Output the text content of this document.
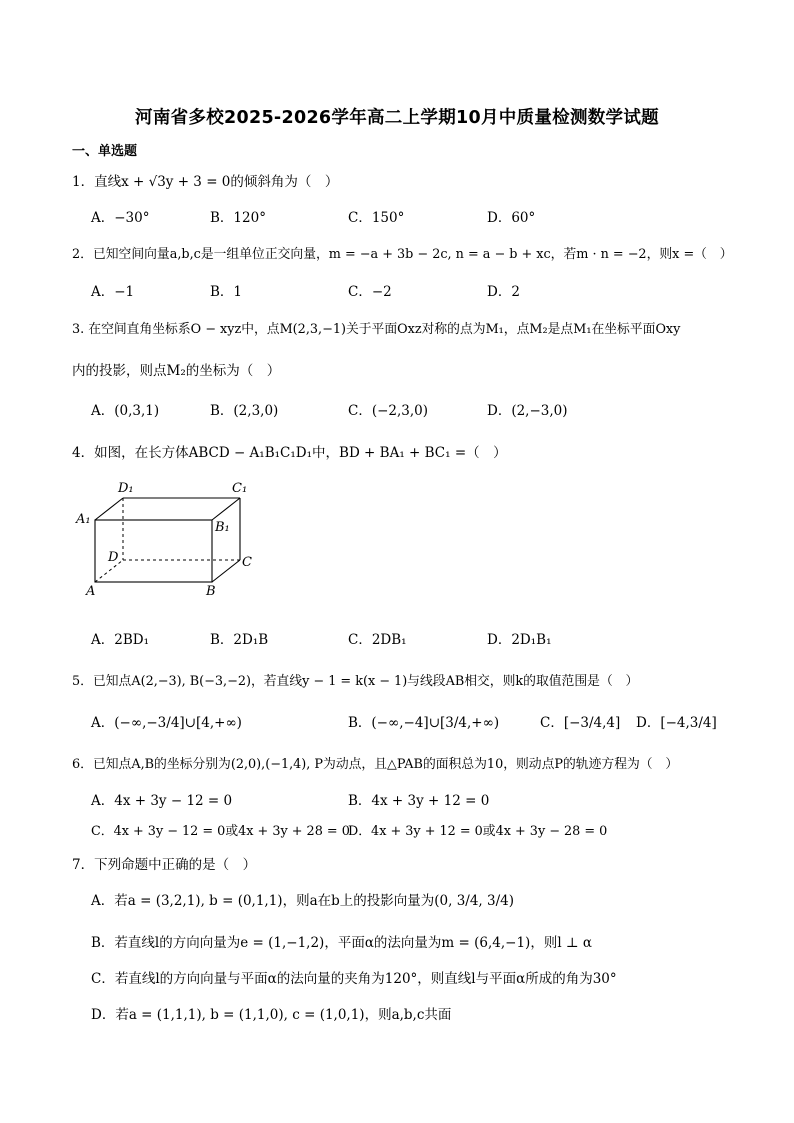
河南省多校2025-2026学年高二上学期10月中质量检测数学试题
一、单选题
1．直线x + √3y + 3 = 0的倾斜角为（　）
A．−30°	B．120°	C．150°	D．60°
2．已知空间向量a,b,c是一组单位正交向量，m = −a + 3b − 2c, n = a − b + xc，若m · n = −2，则x =（　）
A．−1	B．1	C．−2	D．2
3. 在空间直角坐标系O − xyz中，点M(2,3,−1)关于平面Oxz对称的点为M₁，点M₂是点M₁在坐标平面Oxy
内的投影，则点M₂的坐标为（　）
A．(0,3,1)	B．(2,3,0)	C．(−2,3,0)	D．(2,−3,0)
4．如图，在长方体ABCD − A₁B₁C₁D₁中，BD + BA₁ + BC₁ =（　）
D₁	C₁
A₁
B₁
D	C
A	B
A．2BD₁	B．2D₁B	C．2DB₁	D．2D₁B₁
5．已知点A(2,−3), B(−3,−2)，若直线y − 1 = k(x − 1)与线段AB相交，则k的取值范围是（　）
A．(−∞,−3/4]∪[4,+∞)	B．(−∞,−4]∪[3/4,+∞)	C．[−3/4,4] D．[−4,3/4]
6．已知点A,B的坐标分别为(2,0),(−1,4), P为动点，且△PAB的面积总为10，则动点P的轨迹方程为（　）
A．4x + 3y − 12 = 0	B．4x + 3y + 12 = 0
C．4x + 3y − 12 = 0或4x + 3y + 28 = 0
D．4x + 3y + 12 = 0或4x + 3y − 28 = 0
7．下列命题中正确的是（　）
A．若a = (3,2,1), b = (0,1,1)，则a在b上的投影向量为(0, 3/4, 3/4)
B．若直线l的方向向量为e = (1,−1,2)，平面α的法向量为m = (6,4,−1)，则l ⊥ α
C．若直线l的方向向量与平面α的法向量的夹角为120°，则直线l与平面α所成的角为30°
D．若a = (1,1,1), b = (1,1,0), c = (1,0,1)，则a,b,c共面
